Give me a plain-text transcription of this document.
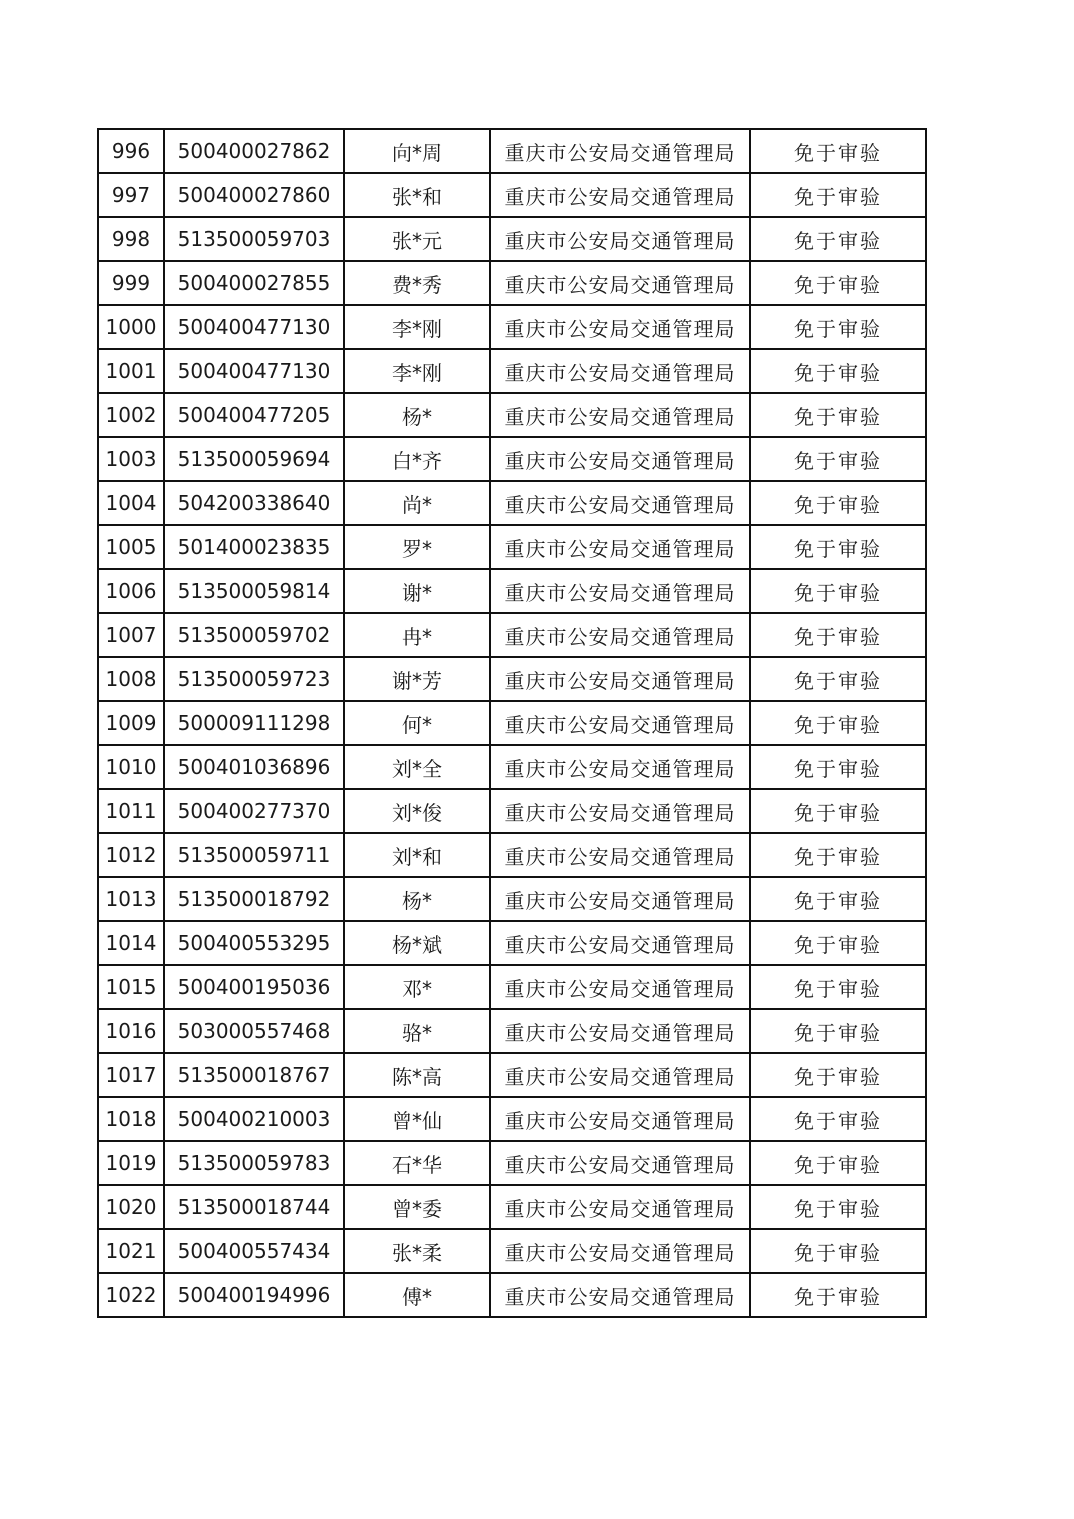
996	500400027862	向*周	重庆市公安局交通管理局	免于审验
997	500400027860	张*和	重庆市公安局交通管理局	免于审验
998	513500059703	张*元	重庆市公安局交通管理局	免于审验
999	500400027855	费*秀	重庆市公安局交通管理局	免于审验
1000	500400477130	李*刚	重庆市公安局交通管理局	免于审验
1001	500400477130	李*刚	重庆市公安局交通管理局	免于审验
1002	500400477205	杨*	重庆市公安局交通管理局	免于审验
1003	513500059694	白*齐	重庆市公安局交通管理局	免于审验
1004	504200338640	尚*	重庆市公安局交通管理局	免于审验
1005	501400023835	罗*	重庆市公安局交通管理局	免于审验
1006	513500059814	谢*	重庆市公安局交通管理局	免于审验
1007	513500059702	冉*	重庆市公安局交通管理局	免于审验
1008	513500059723	谢*芳	重庆市公安局交通管理局	免于审验
1009	500009111298	何*	重庆市公安局交通管理局	免于审验
1010	500401036896	刘*全	重庆市公安局交通管理局	免于审验
1011	500400277370	刘*俊	重庆市公安局交通管理局	免于审验
1012	513500059711	刘*和	重庆市公安局交通管理局	免于审验
1013	513500018792	杨*	重庆市公安局交通管理局	免于审验
1014	500400553295	杨*斌	重庆市公安局交通管理局	免于审验
1015	500400195036	邓*	重庆市公安局交通管理局	免于审验
1016	503000557468	骆*	重庆市公安局交通管理局	免于审验
1017	513500018767	陈*高	重庆市公安局交通管理局	免于审验
1018	500400210003	曾*仙	重庆市公安局交通管理局	免于审验
1019	513500059783	石*华	重庆市公安局交通管理局	免于审验
1020	513500018744	曾*委	重庆市公安局交通管理局	免于审验
1021	500400557434	张*柔	重庆市公安局交通管理局	免于审验
1022	500400194996	傅*	重庆市公安局交通管理局	免于审验
